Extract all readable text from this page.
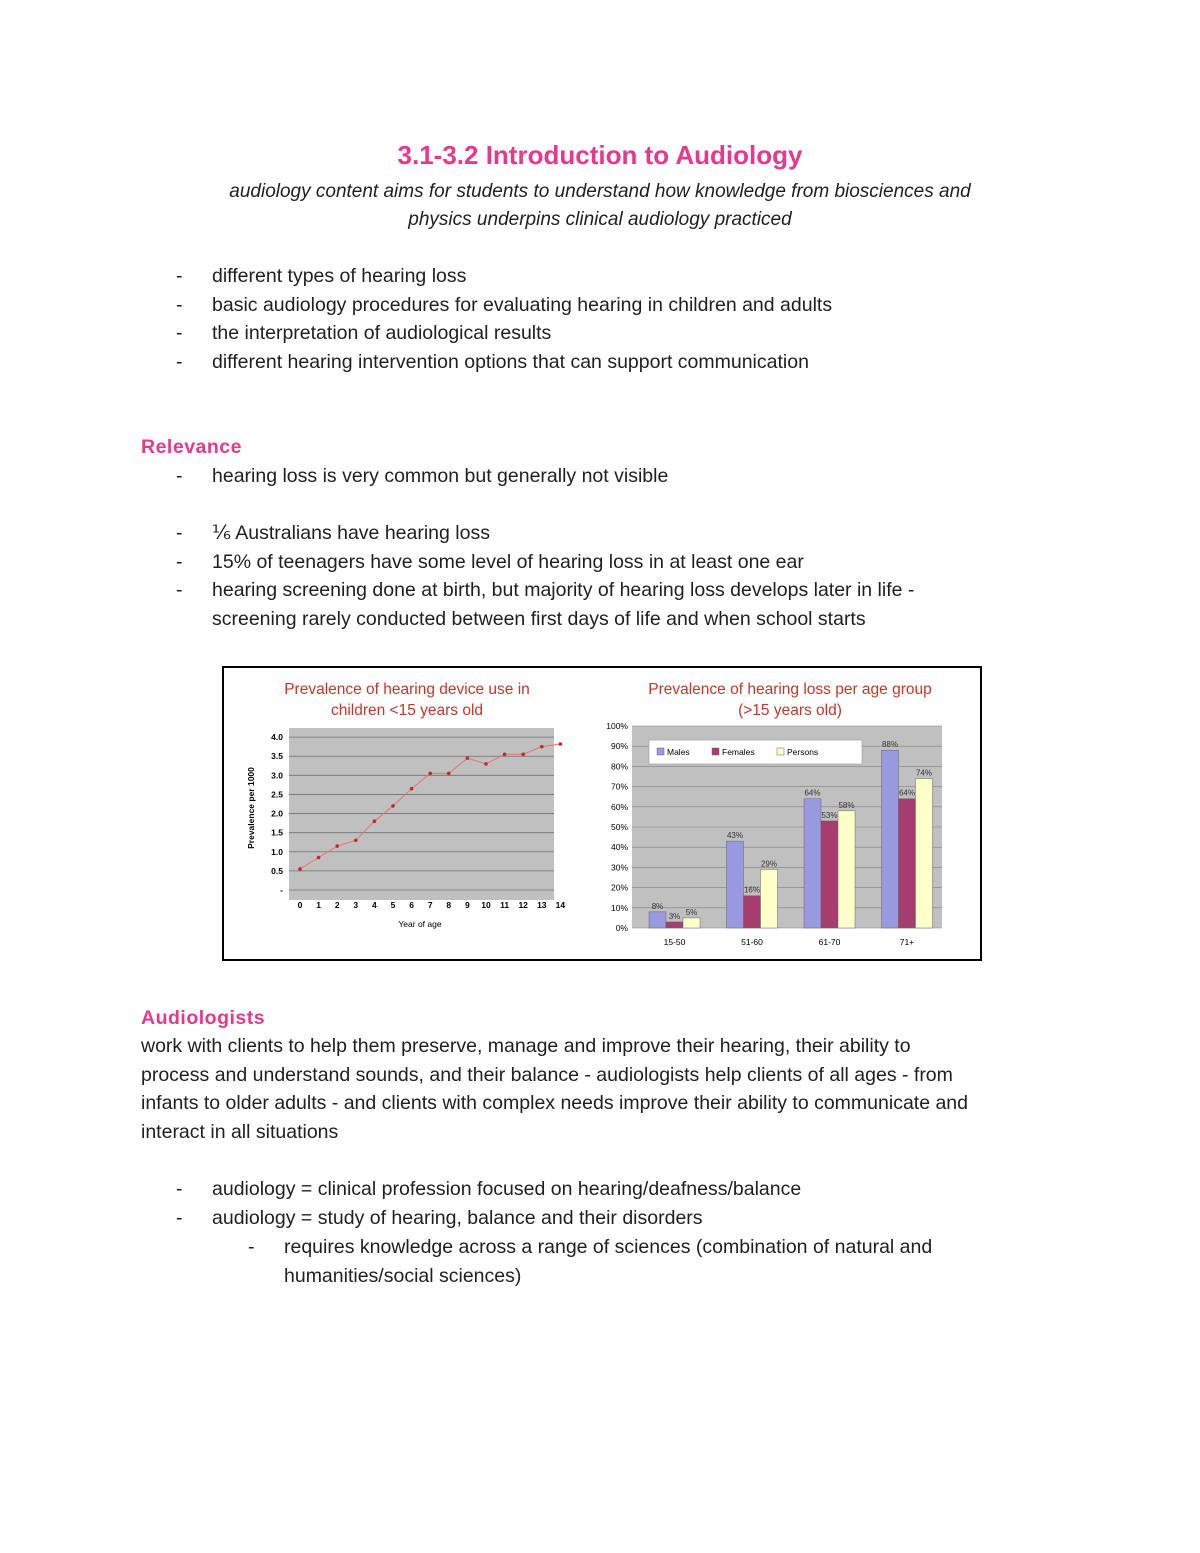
3.1-3.2 Introduction to Audiology
audiology content aims for students to understand how knowledge from biosciences and
physics underpins clinical audiology practiced
- different types of hearing loss
- basic audiology procedures for evaluating hearing in children and adults
- the interpretation of audiological results
- different hearing intervention options that can support communication
Relevance
- hearing loss is very common but generally not visible
- ⅙ Australians have hearing loss
- 15% of teenagers have some level of hearing loss in at least one ear
- hearing screening done at birth, but majority of hearing loss develops later in life -
screening rarely conducted between first days of life and when school starts
Prevalence of hearing device use in
children <15 years old
-
0.5
1.0
1.5
2.0
2.5
3.0
3.5
4.0
0 1 2 3 4 5 6 7 8 9 10 11 12 13 14
Prevalence per 1000
Year of age
Prevalence of hearing loss per age group
(>15 years old)
0%
10%
20%
30%
40%
50%
60%
70%
80%
90%
100%
8%
3% 5%
43%
16%
29%
64%
53%
58%
88%
64%
74%
15-50	51-60	61-70	71+
Males	Females	Persons
Audiologists
work with clients to help them preserve, manage and improve their hearing, their ability to
process and understand sounds, and their balance - audiologists help clients of all ages - from
infants to older adults - and clients with complex needs improve their ability to communicate and
interact in all situations
- audiology = clinical profession focused on hearing/deafness/balance
- audiology = study of hearing, balance and their disorders
- requires knowledge across a range of sciences (combination of natural and
humanities/social sciences)
